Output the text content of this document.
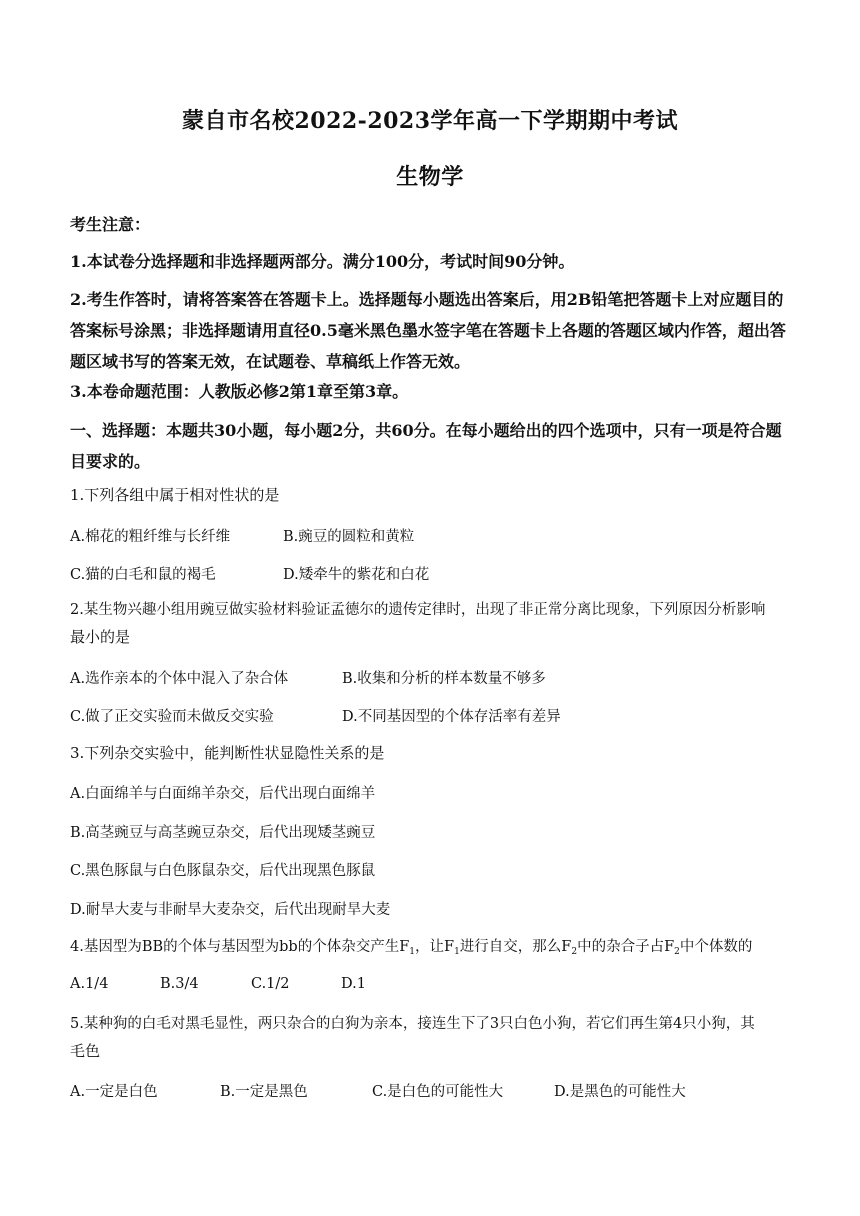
蒙自市名校2022-2023学年高一下学期期中考试
生物学
考生注意：
1.本试卷分选择题和非选择题两部分。满分100分，考试时间90分钟。
2.考生作答时，请将答案答在答题卡上。选择题每小题选出答案后，用2B铅笔把答题卡上对应题目的答案标号涂黑；非选择题请用直径0.5毫米黑色墨水签字笔在答题卡上各题的答题区域内作答，超出答题区域书写的答案无效，在试题卷、草稿纸上作答无效。
3.本卷命题范围：人教版必修2第1章至第3章。
一、选择题：本题共30小题，每小题2分，共60分。在每小题给出的四个选项中，只有一项是符合题目要求的。
1.下列各组中属于相对性状的是
A.棉花的粗纤维与长纤维	B.豌豆的圆粒和黄粒
C.猫的白毛和鼠的褐毛	D.矮牵牛的紫花和白花
2.某生物兴趣小组用豌豆做实验材料验证孟德尔的遗传定律时，出现了非正常分离比现象，下列原因分析影响
最小的是
A.选作亲本的个体中混入了杂合体	B.收集和分析的样本数量不够多
C.做了正交实验而未做反交实验	D.不同基因型的个体存活率有差异
3.下列杂交实验中，能判断性状显隐性关系的是
A.白面绵羊与白面绵羊杂交，后代出现白面绵羊
B.高茎豌豆与高茎豌豆杂交，后代出现矮茎豌豆
C.黑色豚鼠与白色豚鼠杂交，后代出现黑色豚鼠
D.耐旱大麦与非耐旱大麦杂交，后代出现耐旱大麦
4.基因型为BB的个体与基因型为bb的个体杂交产生$F_1$，让$F_1$进行自交，那么$F_2$中的杂合子占$F_2$中个体数的
A.1/4	B.3/4	C.1/2	D.1
5.某种狗的白毛对黑毛显性，两只杂合的白狗为亲本，接连生下了3只白色小狗，若它们再生第4只小狗，其
毛色
A.一定是白色	B.一定是黑色	C.是白色的可能性大	D.是黑色的可能性大
